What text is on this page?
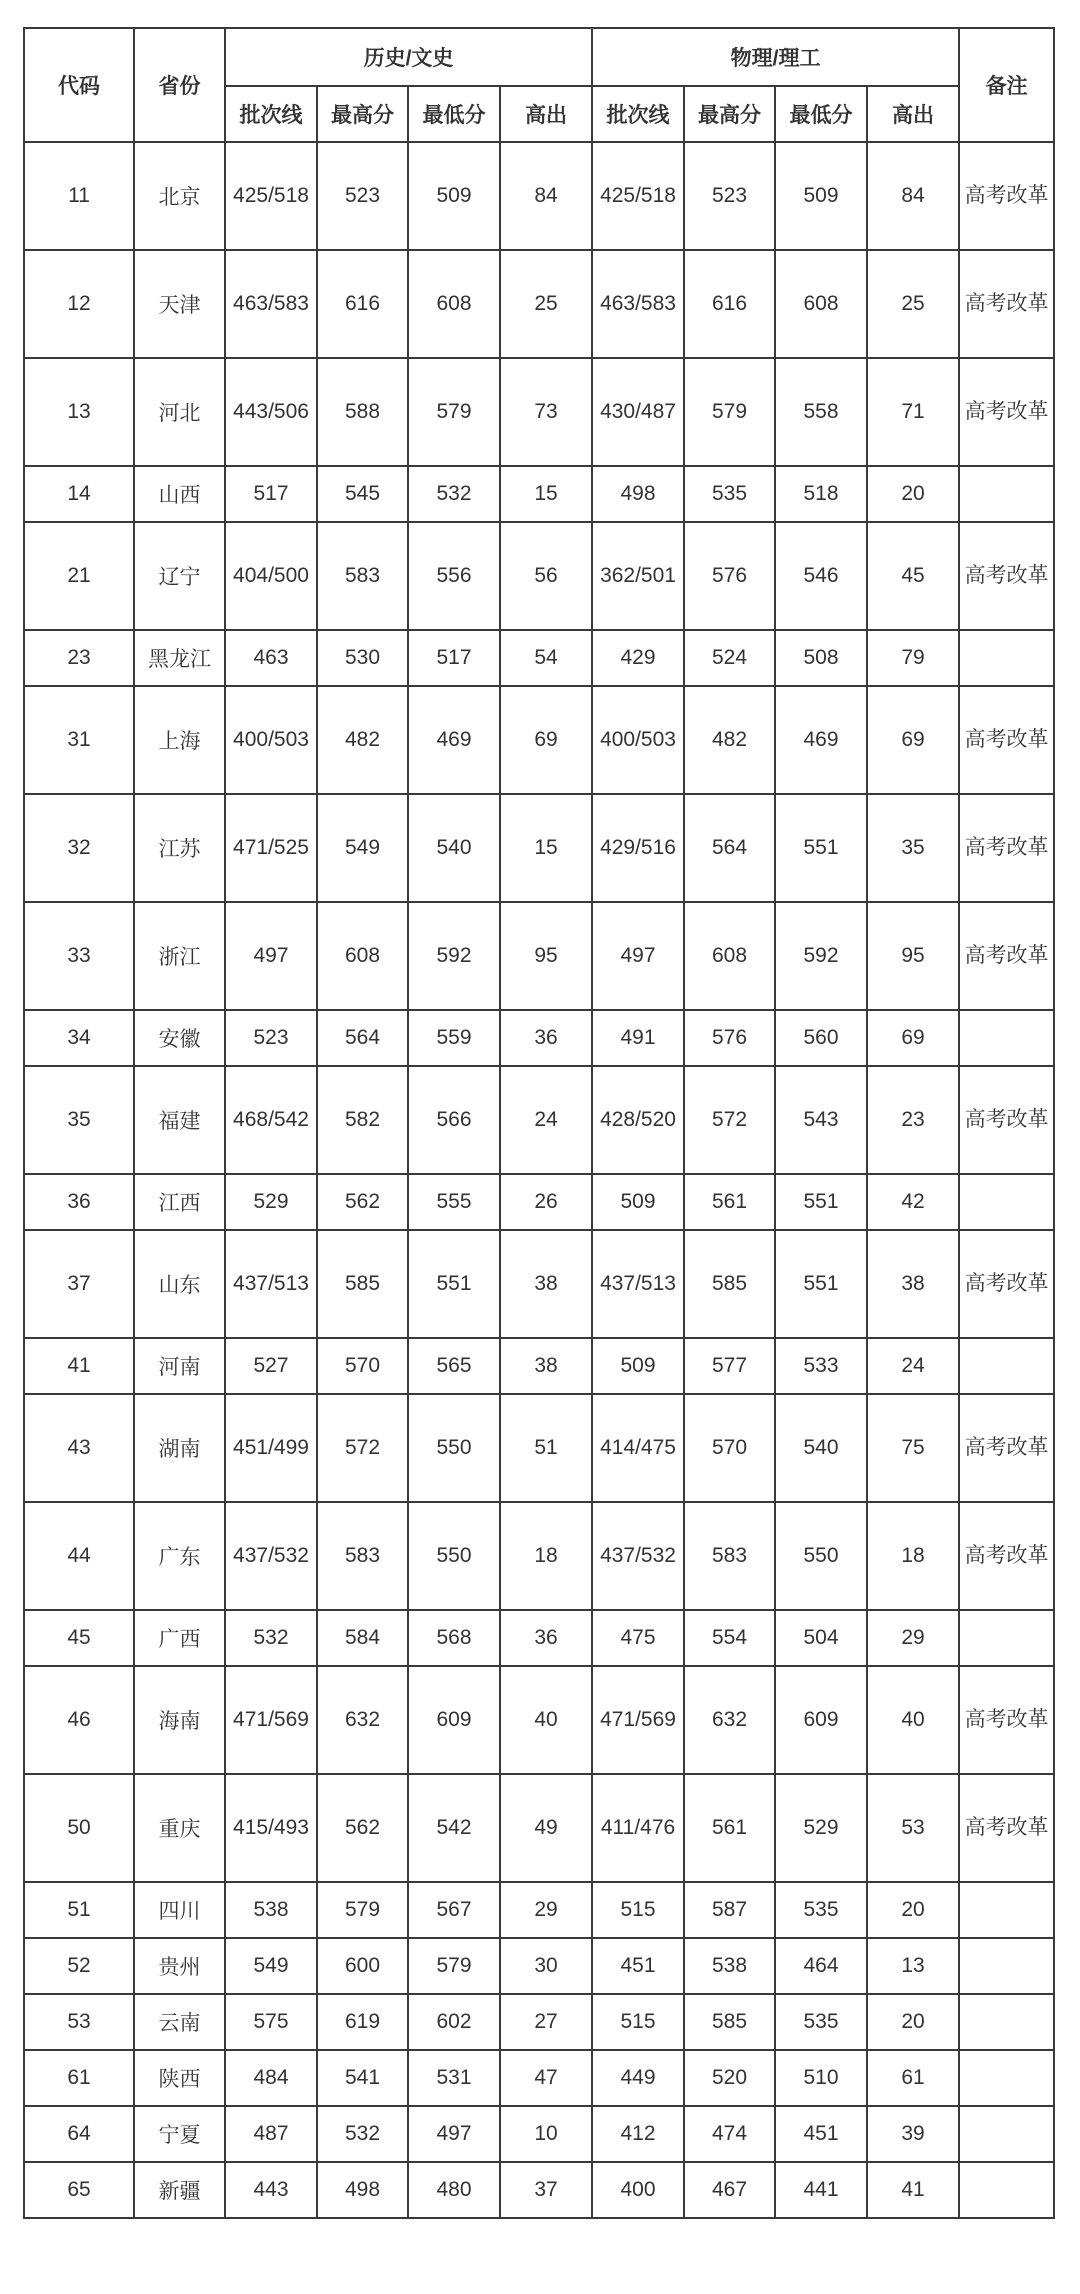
代码	省份	历史/文史				物理/理工				备注
		批次线	最高分	最低分	高出	批次线	最高分	最低分	高出	
11	北京	425/518	523	509	84	425/518	523	509	84	高考改革
12	天津	463/583	616	608	25	463/583	616	608	25	高考改革
13	河北	443/506	588	579	73	430/487	579	558	71	高考改革
14	山西	517	545	532	15	498	535	518	20	
21	辽宁	404/500	583	556	56	362/501	576	546	45	高考改革
23	黑龙江	463	530	517	54	429	524	508	79	
31	上海	400/503	482	469	69	400/503	482	469	69	高考改革
32	江苏	471/525	549	540	15	429/516	564	551	35	高考改革
33	浙江	497	608	592	95	497	608	592	95	高考改革
34	安徽	523	564	559	36	491	576	560	69	
35	福建	468/542	582	566	24	428/520	572	543	23	高考改革
36	江西	529	562	555	26	509	561	551	42	
37	山东	437/513	585	551	38	437/513	585	551	38	高考改革
41	河南	527	570	565	38	509	577	533	24	
43	湖南	451/499	572	550	51	414/475	570	540	75	高考改革
44	广东	437/532	583	550	18	437/532	583	550	18	高考改革
45	广西	532	584	568	36	475	554	504	29	
46	海南	471/569	632	609	40	471/569	632	609	40	高考改革
50	重庆	415/493	562	542	49	411/476	561	529	53	高考改革
51	四川	538	579	567	29	515	587	535	20	
52	贵州	549	600	579	30	451	538	464	13	
53	云南	575	619	602	27	515	585	535	20	
61	陕西	484	541	531	47	449	520	510	61	
64	宁夏	487	532	497	10	412	474	451	39	
65	新疆	443	498	480	37	400	467	441	41	
